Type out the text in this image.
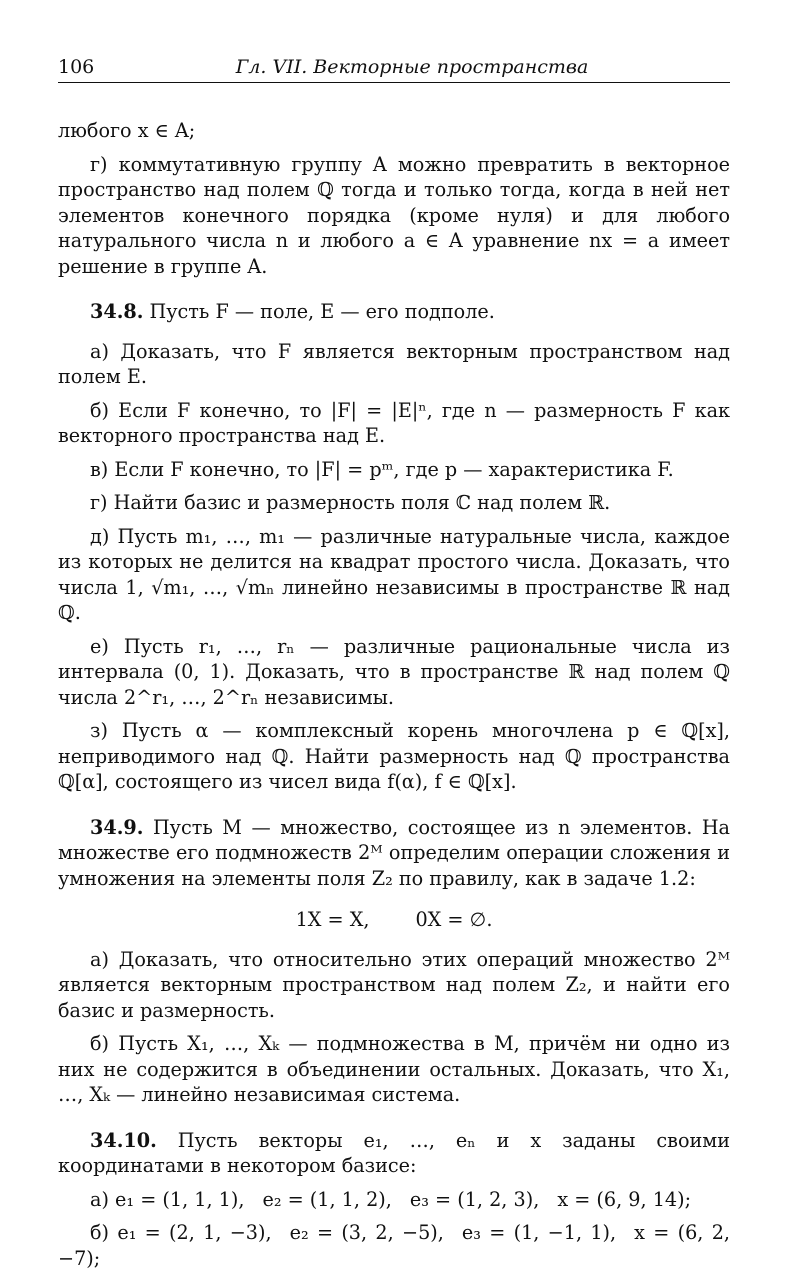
106	Гл. VII. Векторные пространства

любого x ∈ A;

г) коммутативную группу A можно превратить в векторное пространство над полем ℚ тогда и только тогда, когда в ней нет элементов конечного порядка (кроме нуля) и для любого натурального числа n и любого a ∈ A уравнение nx = a имеет решение в группе A.

34.8. Пусть F — поле, E — его подполе.

а) Доказать, что F является векторным пространством над полем E.

б) Если F конечно, то |F| = |E|ⁿ, где n — размерность F как векторного пространства над E.

в) Если F конечно, то |F| = pᵐ, где p — характеристика F.

г) Найти базис и размерность поля ℂ над полем ℝ.

д) Пусть m₁, …, m₁ — различные натуральные числа, каждое из которых не делится на квадрат простого числа. Доказать, что числа 1, √m₁, …, √mₙ линейно независимы в пространстве ℝ над ℚ.

е) Пусть r₁, …, rₙ — различные рациональные числа из интервала (0, 1). Доказать, что в пространстве ℝ над полем ℚ числа 2^r₁, …, 2^rₙ независимы.

з) Пусть α — комплексный корень многочлена p ∈ ℚ[x], неприводимого над ℚ. Найти размерность над ℚ пространства ℚ[α], состоящего из чисел вида f(α), f ∈ ℚ[x].

34.9. Пусть M — множество, состоящее из n элементов. На множестве его подмножеств 2ᴹ определим операции сложения и умножения на элементы поля Z₂ по правилу, как в задаче 1.2:

1X = X, 0X = ∅.

а) Доказать, что относительно этих операций множество 2ᴹ является векторным пространством над полем Z₂, и найти его базис и размерность.

б) Пусть X₁, …, Xₖ — подмножества в M, причём ни одно из них не содержится в объединении остальных. Доказать, что X₁, …, Xₖ — линейно независимая система.

34.10. Пусть векторы e₁, …, eₙ и x заданы своими координатами в некотором базисе:

а) e₁ = (1, 1, 1), e₂ = (1, 1, 2), e₃ = (1, 2, 3), x = (6, 9, 14);

б) e₁ = (2, 1, −3), e₂ = (3, 2, −5), e₃ = (1, −1, 1), x = (6, 2, −7);
